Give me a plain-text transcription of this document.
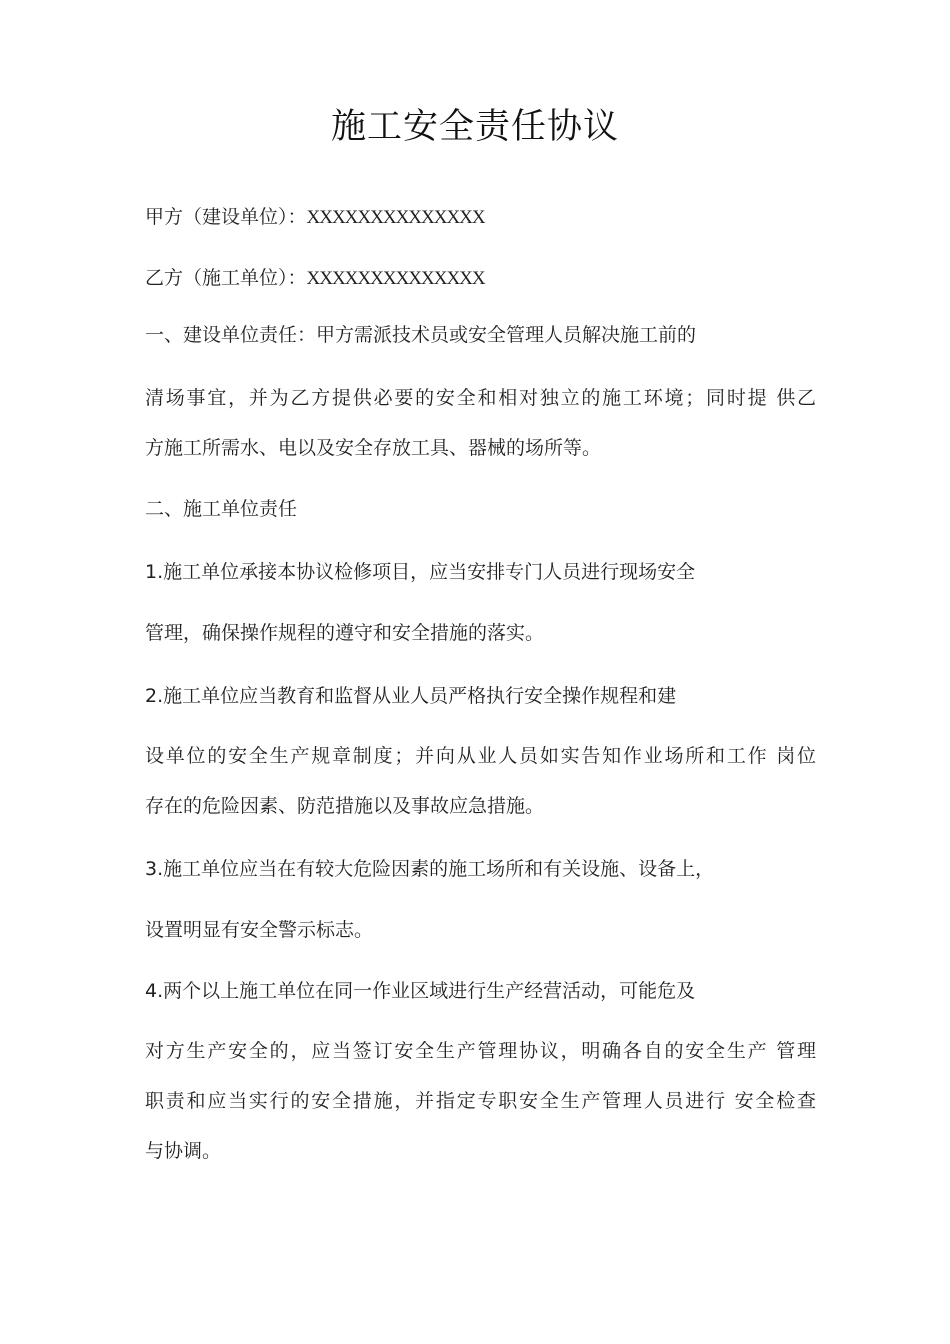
施工安全责任协议
甲方（建设单位）：XXXXXXXXXXXXXX
乙方（施工单位）：XXXXXXXXXXXXXX
一、建设单位责任：甲方需派技术员或安全管理人员解决施工前的
清场事宜，并为乙方提供必要的安全和相对独立的施工环境；同时提 供乙
方施工所需水、电以及安全存放工具、器械的场所等。
二、施工单位责任
1.施工单位承接本协议检修项目，应当安排专门人员进行现场安全
管理，确保操作规程的遵守和安全措施的落实。
2.施工单位应当教育和监督从业人员严格执行安全操作规程和建
设单位的安全生产规章制度；并向从业人员如实告知作业场所和工作 岗位
存在的危险因素、防范措施以及事故应急措施。
3.施工单位应当在有较大危险因素的施工场所和有关设施、设备上，
设置明显有安全警示标志。
4.两个以上施工单位在同一作业区域进行生产经营活动，可能危及
对方生产安全的，应当签订安全生产管理协议，明确各自的安全生产 管理
职责和应当实行的安全措施，并指定专职安全生产管理人员进行 安全检查
与协调。
